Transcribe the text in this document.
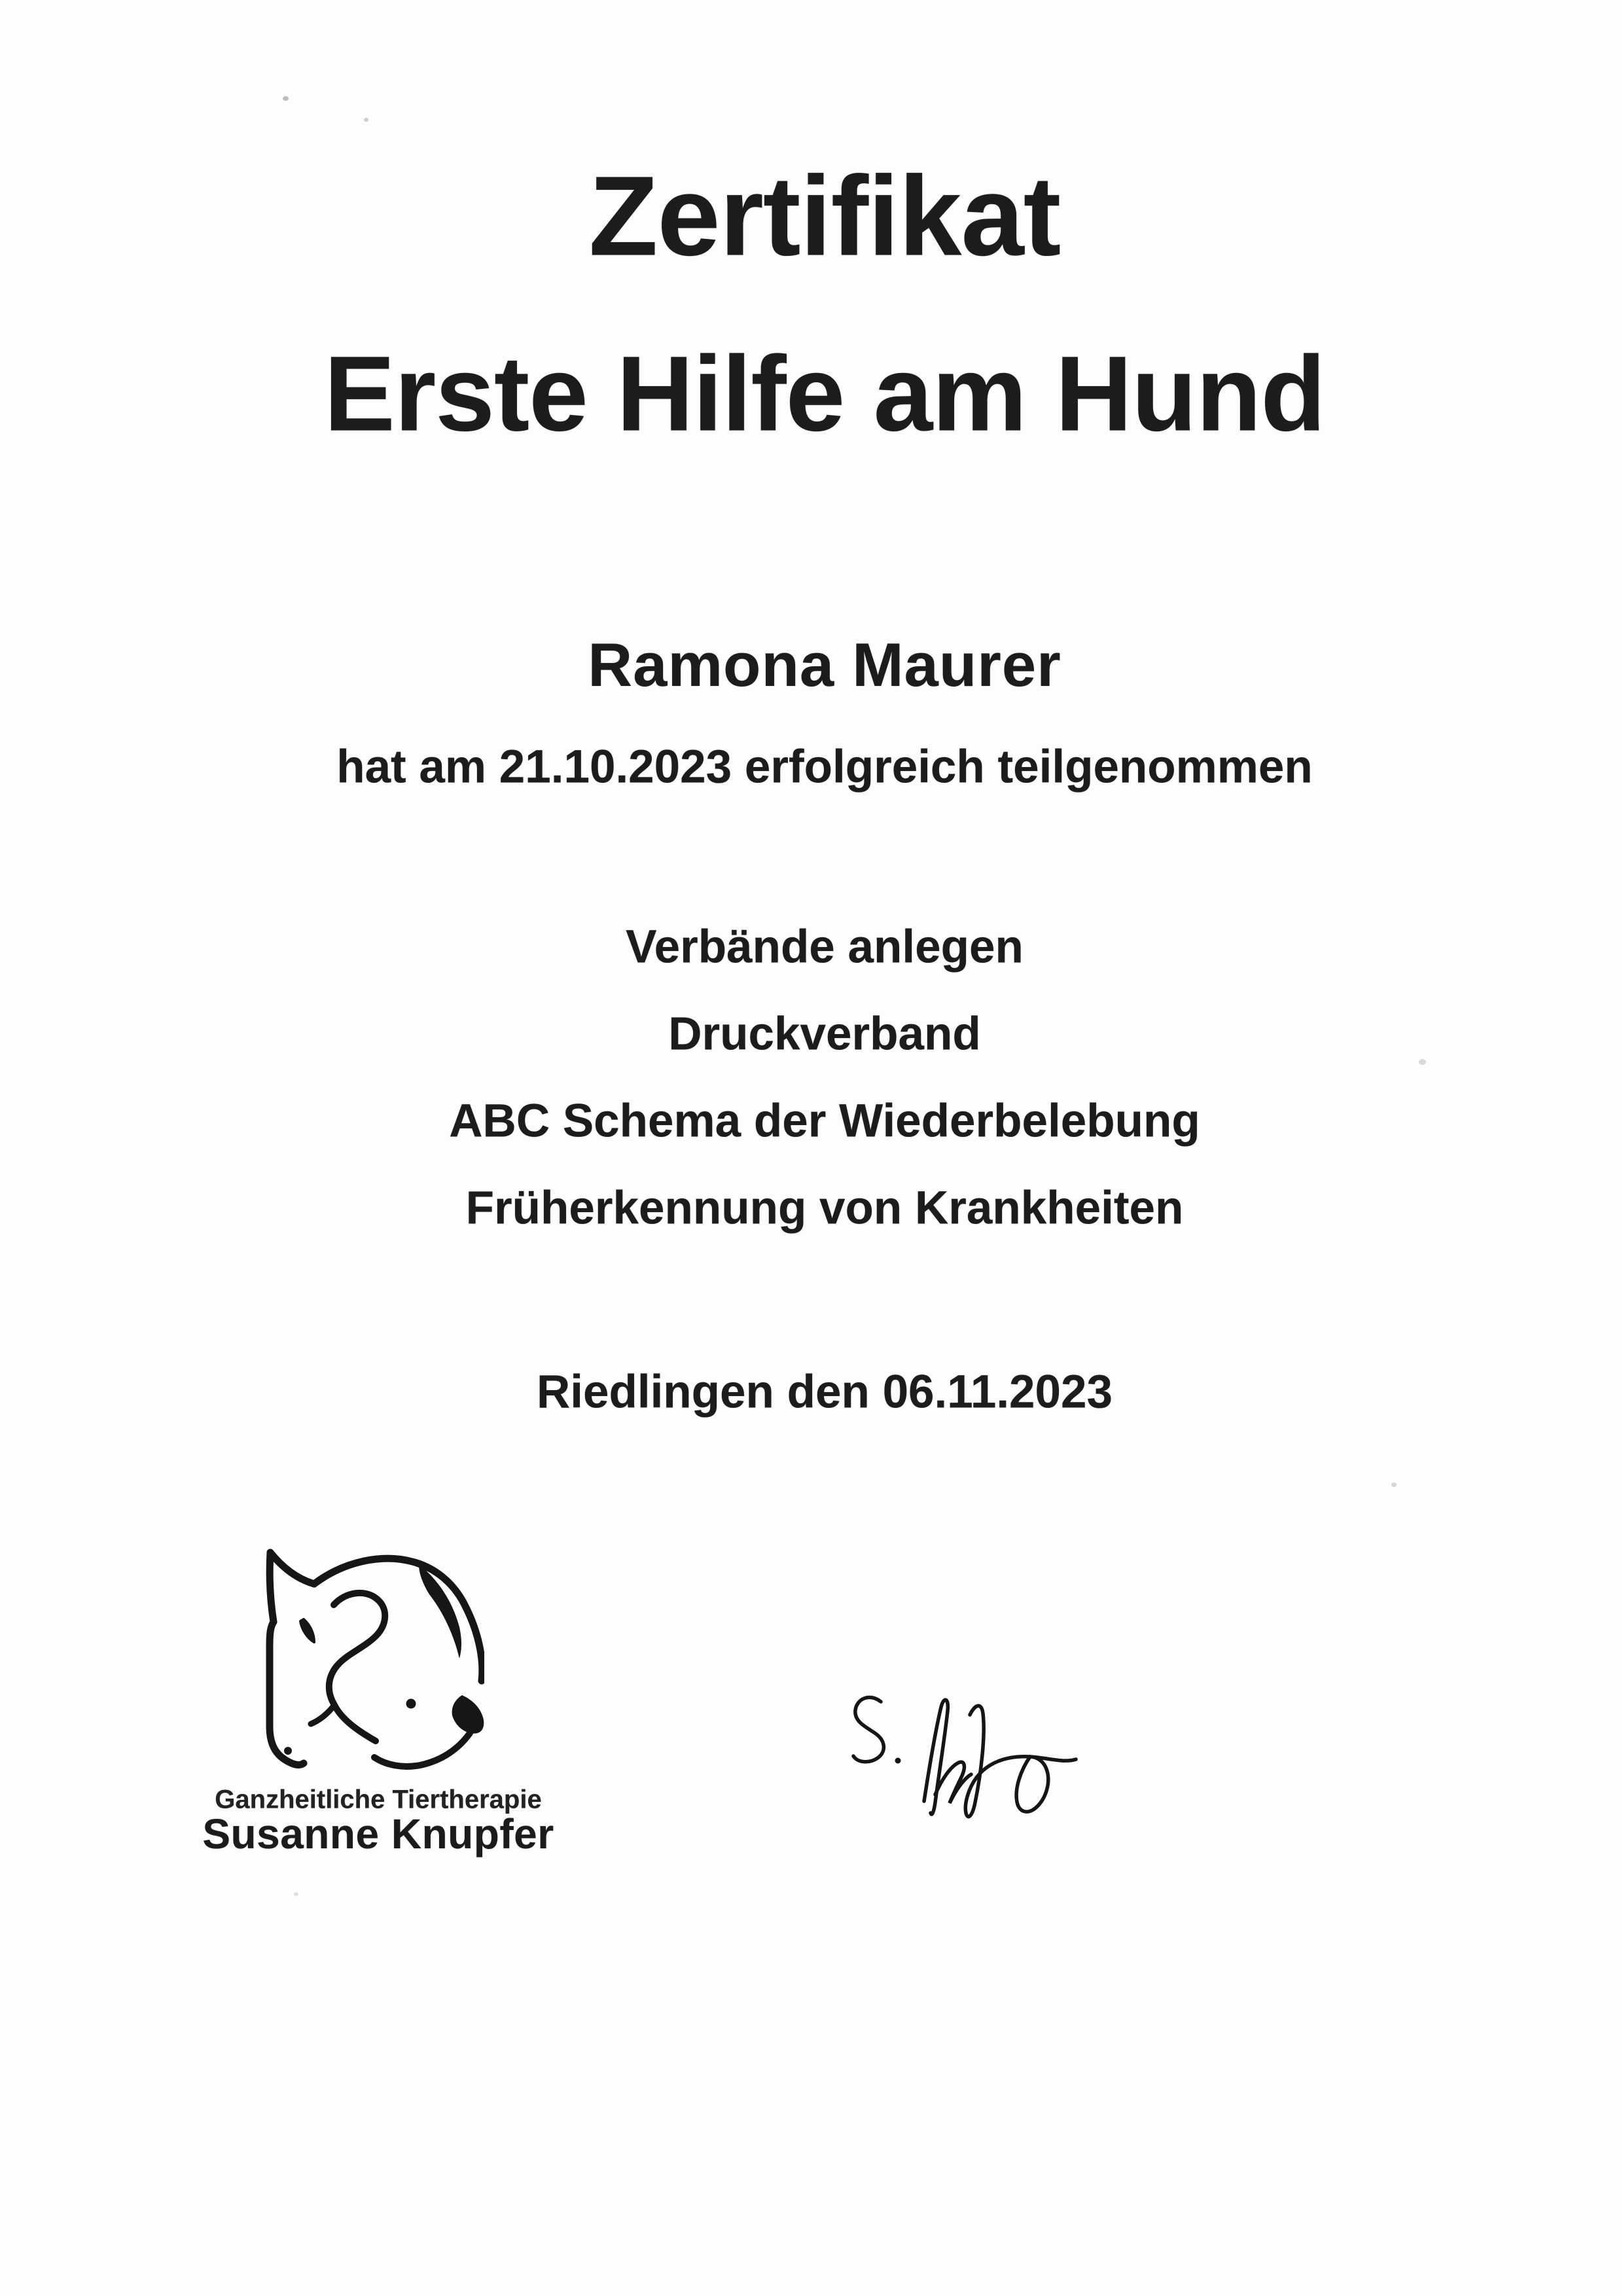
Zertifikat
Erste Hilfe am Hund
Ramona Maurer
hat am 21.10.2023 erfolgreich teilgenommen
Verbände anlegen
Druckverband
ABC Schema der Wiederbelebung
Früherkennung von Krankheiten
Riedlingen den 06.11.2023
Ganzheitliche Tiertherapie
Susanne Knupfer
